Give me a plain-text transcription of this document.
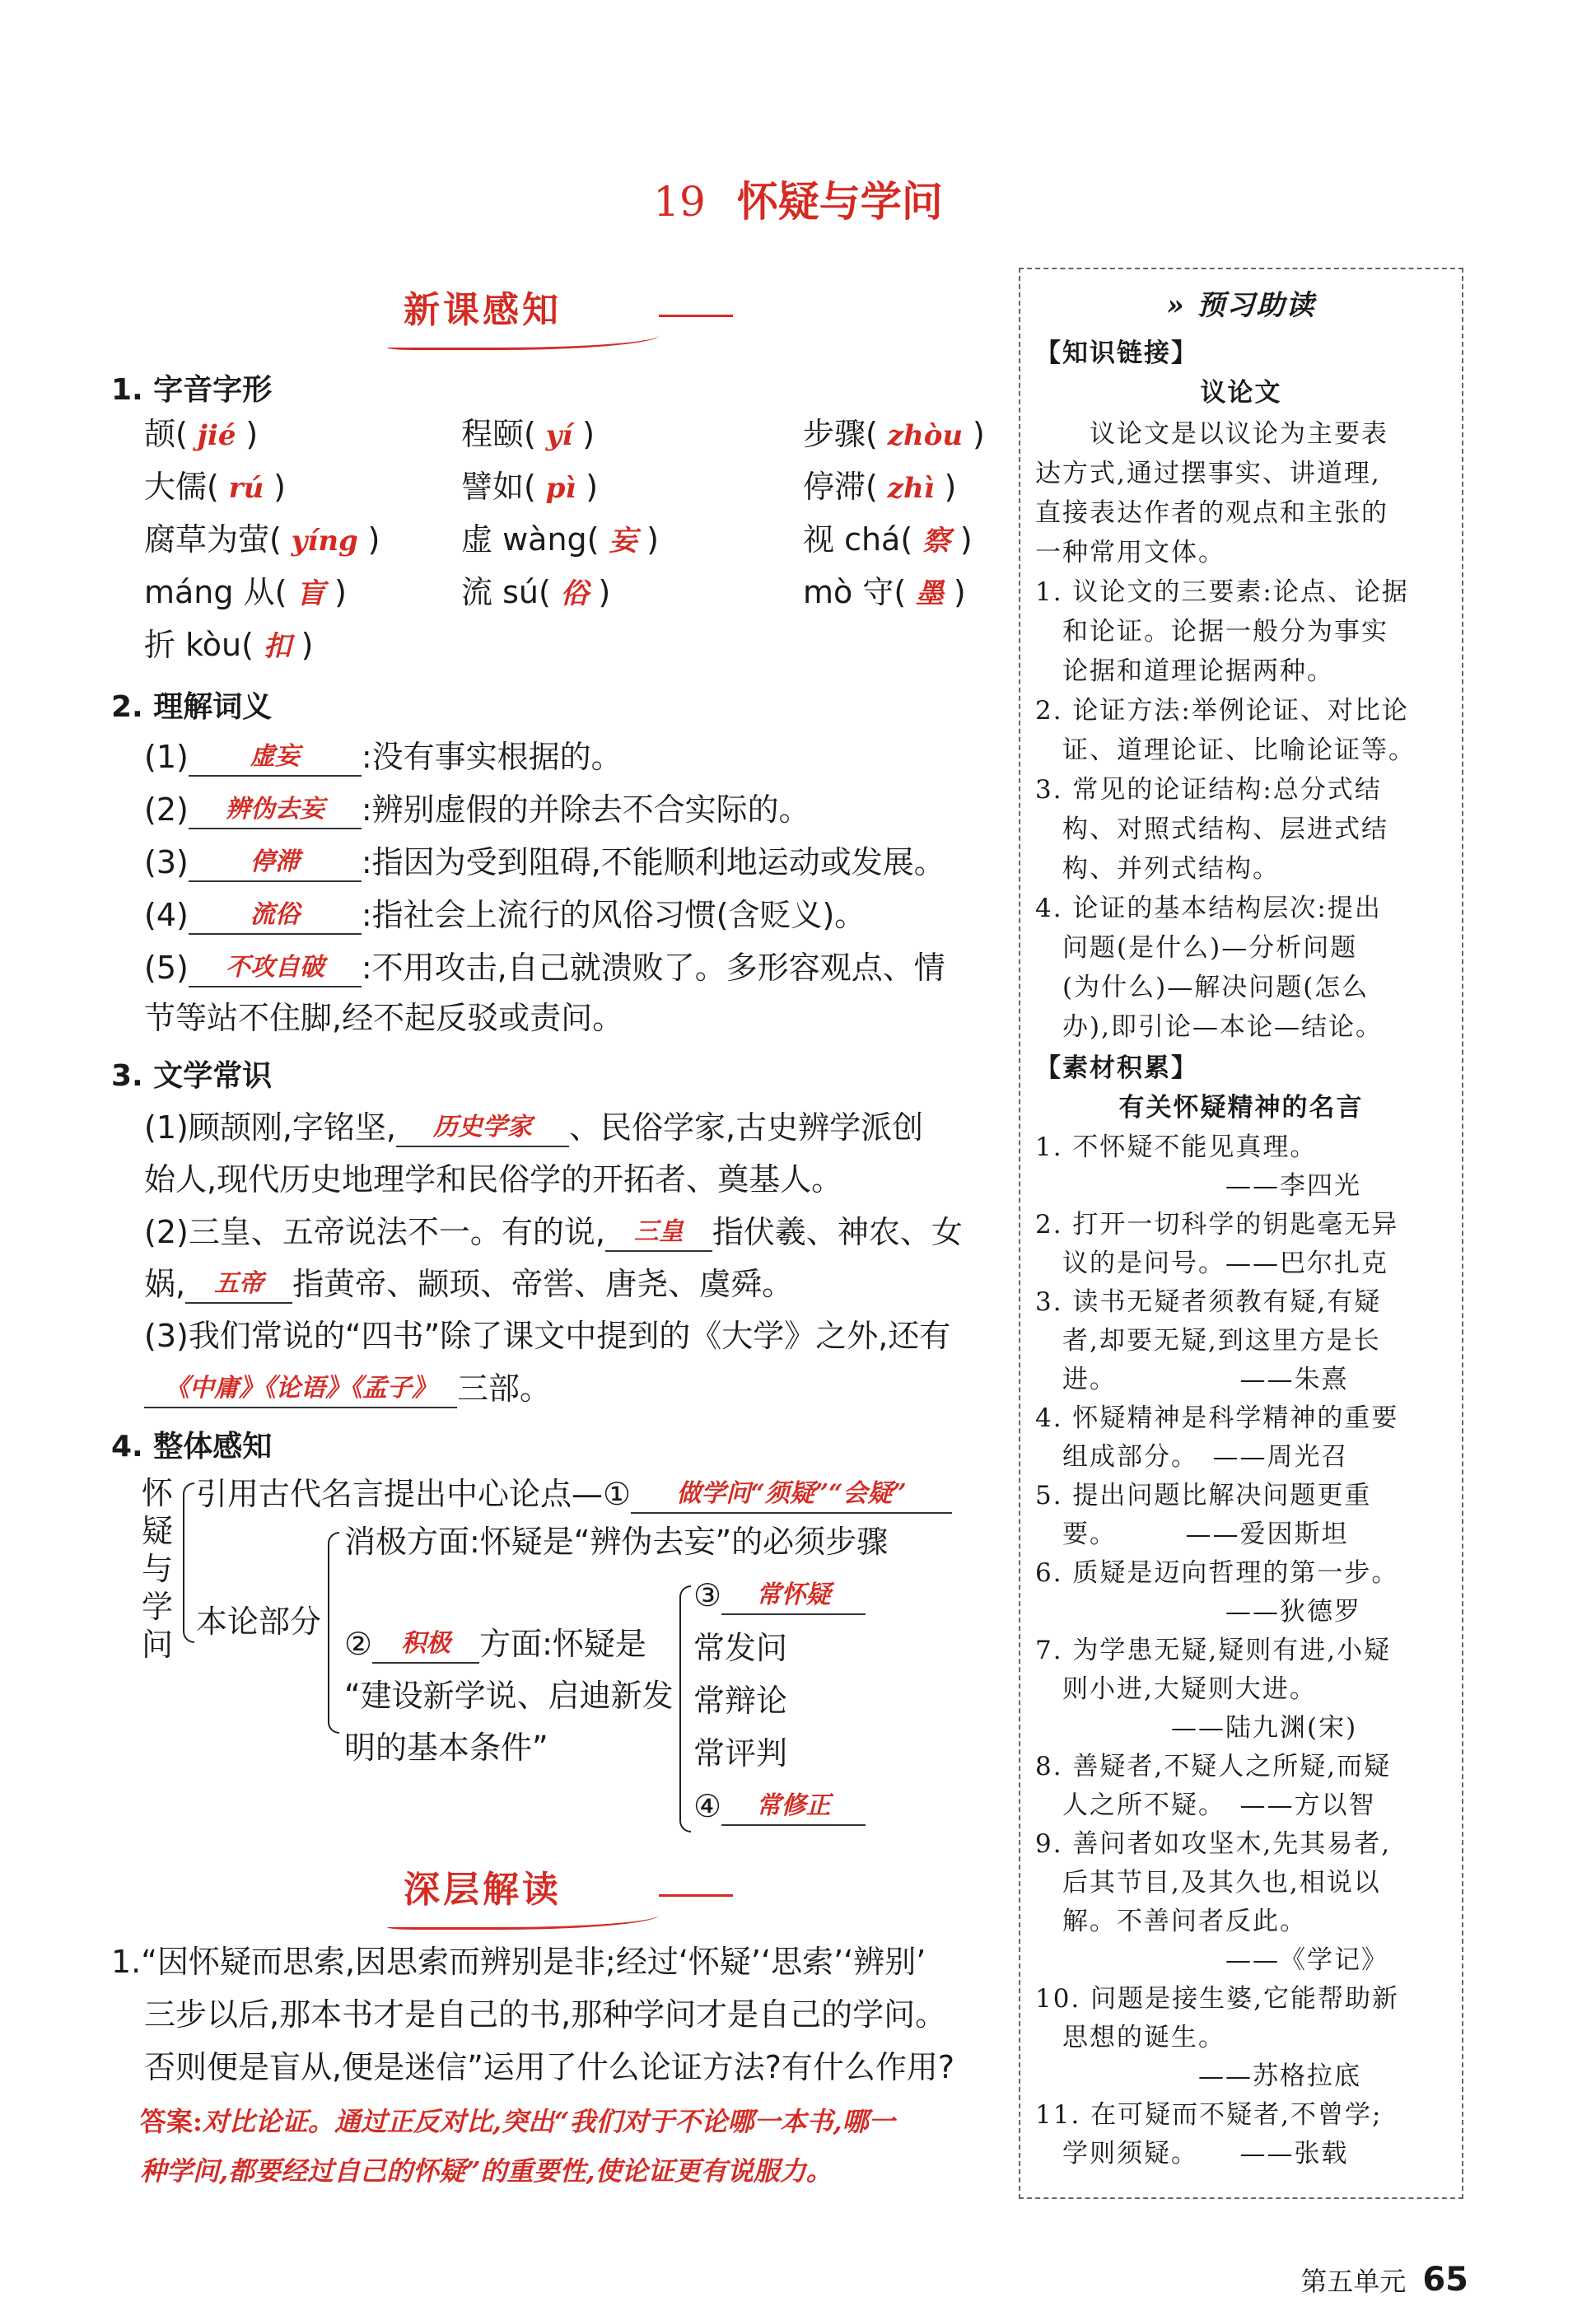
19 怀疑与学问
新课感知
1. 字音字形
颉( jié )	程颐( yí )	步骤( zhòu )
大儒( rú )	譬如( pì )	停滞( zhì )
腐草为萤( yíng )	虚 wàng( 妄 )	视 chá( 察 )
máng 从( 盲 )	流 sú( 俗 )	mò 守( 墨 )
折 kòu( 扣 )
2. 理解词义
(1)	虚妄 :没有事实根据的。
(2) 辨伪去妄 :辨别虚假的并除去不合实际的。
(3)	停滞 :指因为受到阻碍,不能顺利地运动或发展。
(4)	流俗 :指社会上流行的风俗习惯(含贬义)。
(5) 不攻自破 :不用攻击,自己就溃败了。多形容观点、情
节等站不住脚,经不起反驳或责问。
3. 文学常识
(1)顾颉刚,字铭坚, 历史学家 、民俗学家,古史辨学派创
始人,现代历史地理学和民俗学的开拓者、奠基人。
(2)三皇、五帝说法不一。有的说, 三皇 指伏羲、神农、女
娲, 五帝 指黄帝、颛顼、帝喾、唐尧、虞舜。
(3)我们常说的“四书”除了课文中提到的《大学》之外,还有
《中庸》《论语》《孟子》 三部。
4. 整体感知
怀
疑
与
学
问
引用古代名言提出中心论点—① 做学问“须疑”“会疑”
本论部分
消极方面:怀疑是“辨伪去妄”的必须步骤
② 积极 方面:怀疑是
“建设新学说、启迪新发
明的基本条件”
③ 常怀疑
常发问
常辩论
常评判
④ 常修正
深层解读
1.“因怀疑而思索,因思索而辨别是非;经过‘怀疑’‘思索’‘辨别’
三步以后,那本书才是自己的书,那种学问才是自己的学问。
否则便是盲从,便是迷信”运用了什么论证方法?有什么作用?
答案:对比论证。通过正反对比,突出“我们对于不论哪一本书,哪一
种学问,都要经过自己的怀疑”的重要性,使论证更有说服力。
» 预习助读
【知识链接】
议论文
　　议论文是以议论为主要表
达方式,通过摆事实、讲道理,
直接表达作者的观点和主张的
一种常用文体。
1. 议论文的三要素:论点、论据
　和论证。论据一般分为事实
　论据和道理论据两种。
2. 论证方法:举例论证、对比论
　证、道理论证、比喻论证等。
3. 常见的论证结构:总分式结
　构、对照式结构、层进式结
　构、并列式结构。
4. 论证的基本结构层次:提出
　问题(是什么)—分析问题
　(为什么)—解决问题(怎么
　办),即引论—本论—结论。
【素材积累】
有关怀疑精神的名言
1. 不怀疑不能见真理。
　　　　　　　——李四光
2. 打开一切科学的钥匙毫无异
　议的是问号。——巴尔扎克
3. 读书无疑者须教有疑,有疑
　者,却要无疑,到这里方是长
　进。　　　　　——朱熹
4. 怀疑精神是科学精神的重要
　组成部分。　——周光召
5. 提出问题比解决问题更重
　要。　　　——爱因斯坦
6. 质疑是迈向哲理的第一步。
　　　　　　　——狄德罗
7. 为学患无疑,疑则有进,小疑
　则小进,大疑则大进。
　　　　　——陆九渊(宋)
8. 善疑者,不疑人之所疑,而疑
　人之所不疑。　——方以智
9. 善问者如攻坚木,先其易者,
　后其节目,及其久也,相说以
　解。不善问者反此。
　　　　　　　——《学记》
10. 问题是接生婆,它能帮助新
　思想的诞生。
　　　　　　——苏格拉底
11. 在可疑而不疑者,不曾学;
　学则须疑。　　——张载
第五单元 65
